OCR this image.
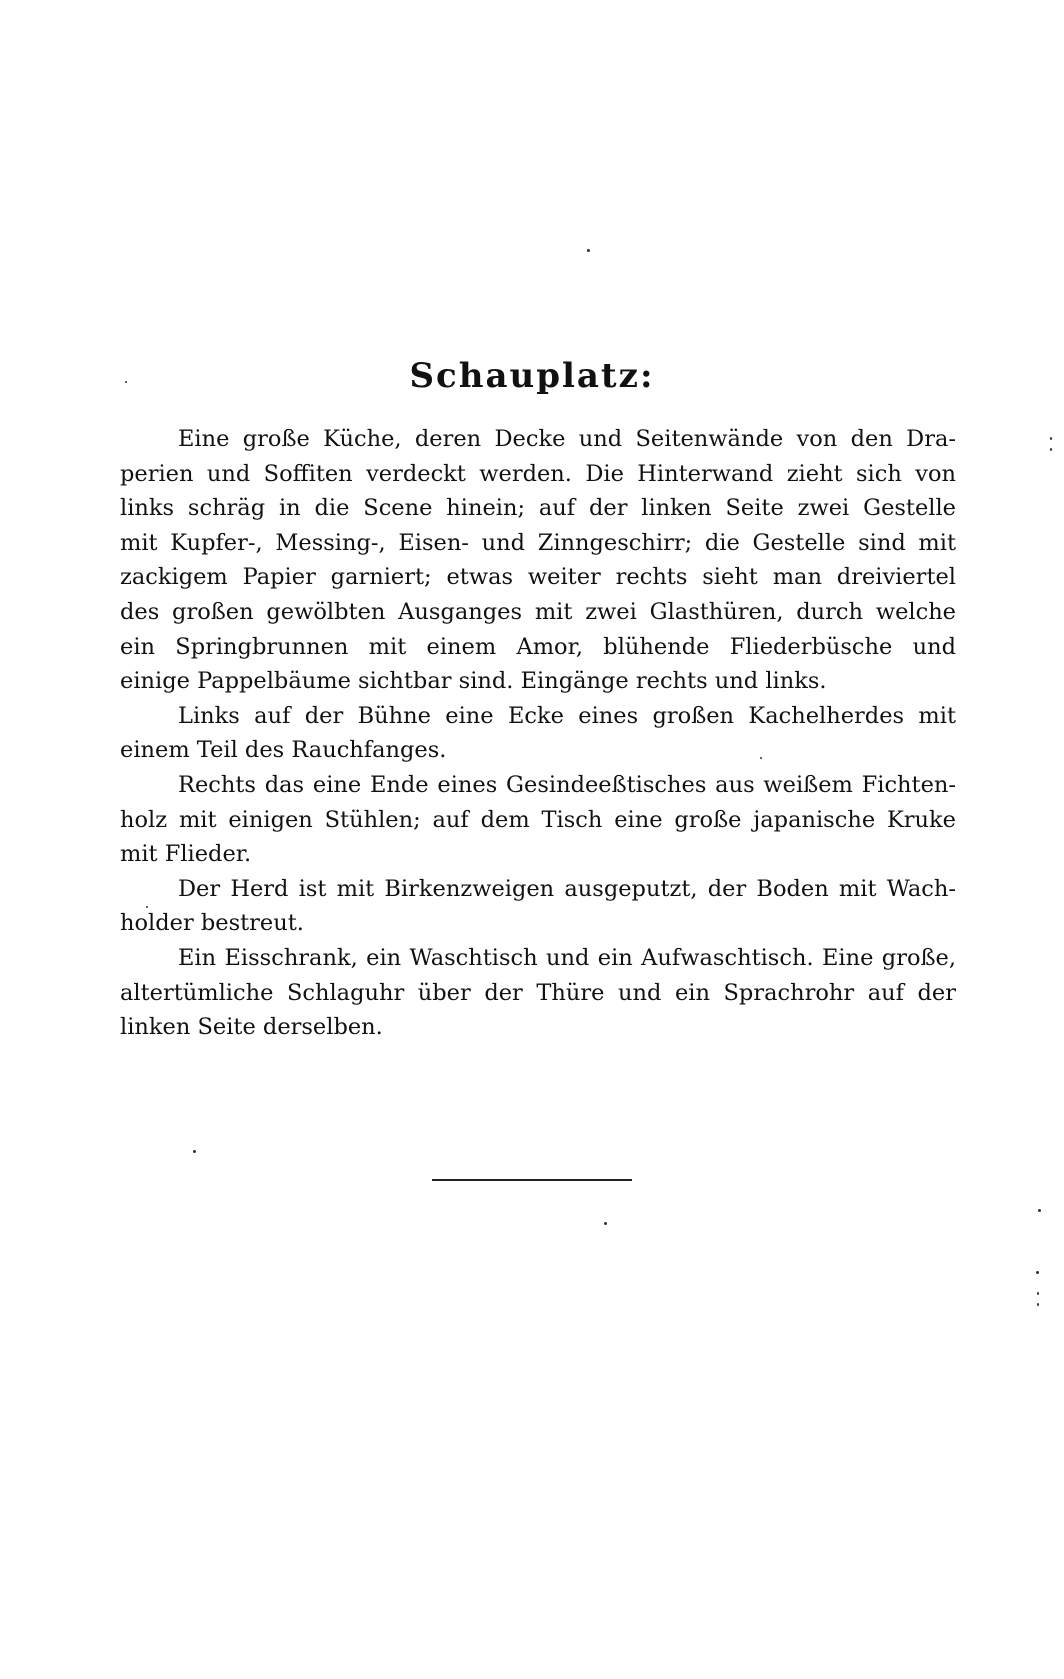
Schauplatz:
Eine große Küche, deren Decke und Seitenwände von den Dra-
perien und Soffiten verdeckt werden. Die Hinterwand zieht sich von
links schräg in die Scene hinein; auf der linken Seite zwei Gestelle
mit Kupfer-, Messing-, Eisen- und Zinngeschirr; die Gestelle sind mit
zackigem Papier garniert; etwas weiter rechts sieht man dreiviertel
des großen gewölbten Ausganges mit zwei Glasthüren, durch welche
ein Springbrunnen mit einem Amor, blühende Fliederbüsche und
einige Pappelbäume sichtbar sind. Eingänge rechts und links.
Links auf der Bühne eine Ecke eines großen Kachelherdes mit
einem Teil des Rauchfanges.
Rechts das eine Ende eines Gesindeeßtisches aus weißem Fichten-
holz mit einigen Stühlen; auf dem Tisch eine große japanische Kruke
mit Flieder.
Der Herd ist mit Birkenzweigen ausgeputzt, der Boden mit Wach-
holder bestreut.
Ein Eisschrank, ein Waschtisch und ein Aufwaschtisch. Eine große,
altertümliche Schlaguhr über der Thüre und ein Sprachrohr auf der
linken Seite derselben.
